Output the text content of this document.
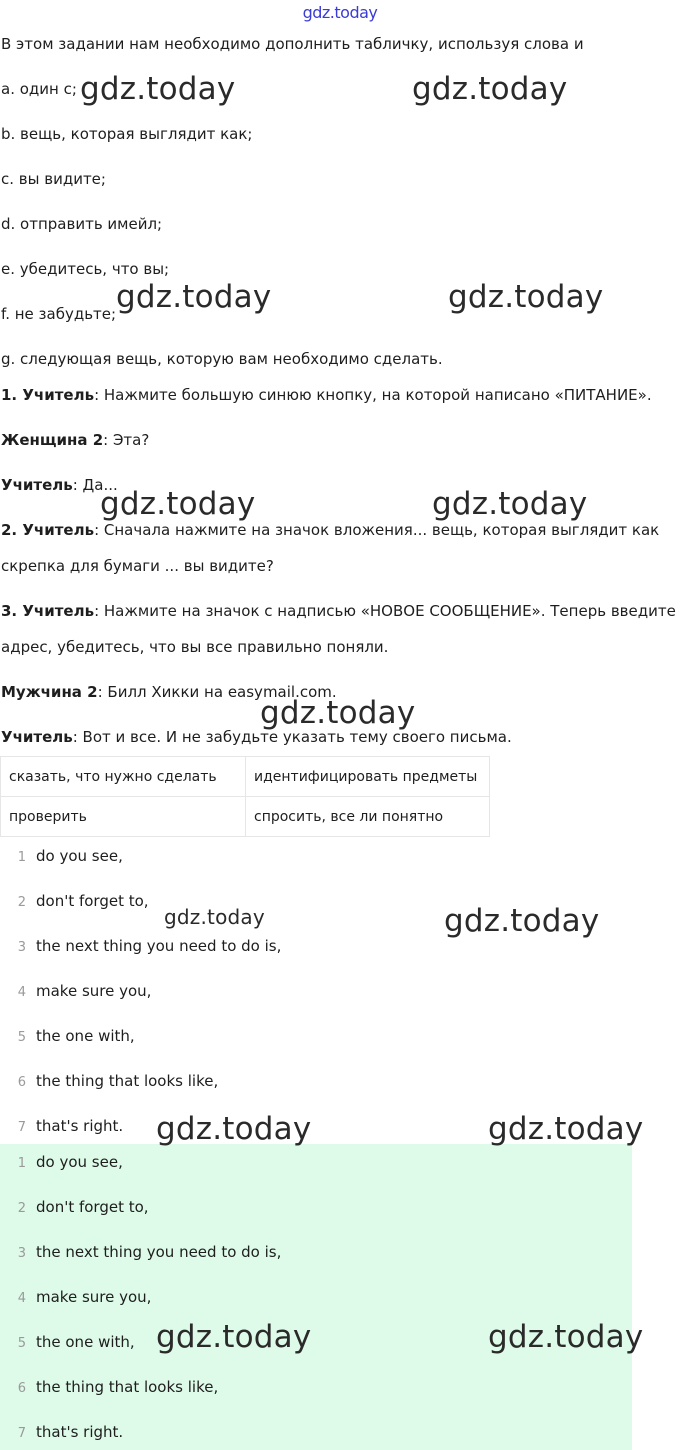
gdz.today
В этом задании нам необходимо дополнить табличку, используя слова и
a. один с;
b. вещь, которая выглядит как;
c. вы видите;
d. отправить имейл;
e. убедитесь, что вы;
f. не забудьте;
g. следующая вещь, которую вам необходимо сделать.
1. Учитель: Нажмите большую синюю кнопку, на которой написано «ПИТАНИЕ».
Женщина 2: Эта?
Учитель: Да...
2. Учитель: Сначала нажмите на значок вложения... вещь, которая выглядит как
скрепка для бумаги ... вы видите?
3. Учитель: Нажмите на значок с надписью «НОВОЕ СООБЩЕНИЕ». Теперь введите
адрес, убедитесь, что вы все правильно поняли.
Мужчина 2: Билл Хикки на easymail.com.
Учитель: Вот и все. И не забудьте указать тему своего письма.
сказать, что нужно сделать	идентифицировать предметы
проверить	спросить, все ли понятно
1 do you see,
2 don't forget to,
3 the next thing you need to do is,
4 make sure you,
5 the one with,
6 the thing that looks like,
7 that's right.
1 do you see,
2 don't forget to,
3 the next thing you need to do is,
4 make sure you,
5 the one with,
6 the thing that looks like,
7 that's right.
gdz.today	gdz.today
gdz.today	gdz.today
gdz.today	gdz.today
gdz.today
gdz.today	gdz.today
gdz.today	gdz.today
gdz.today	gdz.today
